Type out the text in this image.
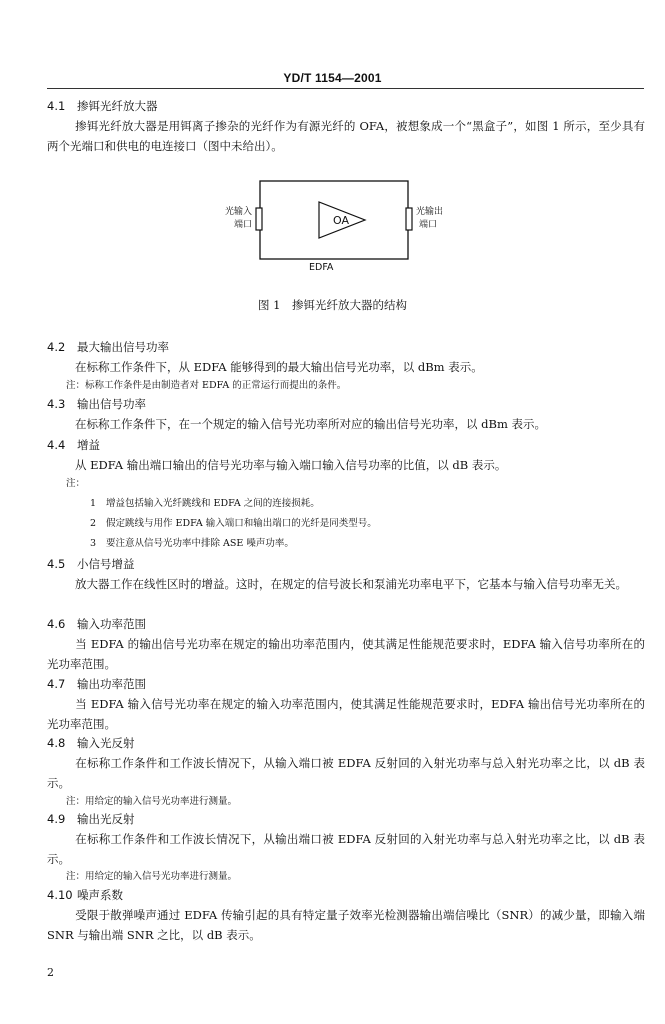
YD/T 1154—2001
4.1 掺铒光纤放大器
掺铒光纤放大器是用铒离子掺杂的光纤作为有源光纤的 OFA，被想象成一个“黑盒子”，如图 1 所示，至少具有两个光端口和供电的电连接口（图中未给出）。
OA
光输入
端口
光输出
端口
EDFA
图 1　掺铒光纤放大器的结构
4.2 最大输出信号功率
在标称工作条件下，从 EDFA 能够得到的最大输出信号光功率，以 dBm 表示。
注：标称工作条件是由制造者对 EDFA 的正常运行而提出的条件。
4.3 输出信号功率
在标称工作条件下，在一个规定的输入信号光功率所对应的输出信号光功率，以 dBm 表示。
4.4 增益
从 EDFA 输出端口输出的信号光功率与输入端口输入信号功率的比值，以 dB 表示。
注：
1 增益包括输入光纤跳线和 EDFA 之间的连接损耗。
2 假定跳线与用作 EDFA 输入端口和输出端口的光纤是同类型号。
3 要注意从信号光功率中排除 ASE 噪声功率。
4.5 小信号增益
放大器工作在线性区时的增益。这时，在规定的信号波长和泵浦光功率电平下，它基本与输入信号功率无关。
4.6 输入功率范围
当 EDFA 的输出信号光功率在规定的输出功率范围内，使其满足性能规范要求时，EDFA 输入信号功率所在的光功率范围。
4.7 输出功率范围
当 EDFA 输入信号光功率在规定的输入功率范围内，使其满足性能规范要求时，EDFA 输出信号光功率所在的光功率范围。
4.8 输入光反射
在标称工作条件和工作波长情况下，从输入端口被 EDFA 反射回的入射光功率与总入射光功率之比，以 dB 表示。
注：用给定的输入信号光功率进行测量。
4.9 输出光反射
在标称工作条件和工作波长情况下，从输出端口被 EDFA 反射回的入射光功率与总入射光功率之比，以 dB 表示。
注：用给定的输入信号光功率进行测量。
4.10 噪声系数
受限于散弹噪声通过 EDFA 传输引起的具有特定量子效率光检测器输出端信噪比（SNR）的减少量，即输入端 SNR 与输出端 SNR 之比，以 dB 表示。
2
